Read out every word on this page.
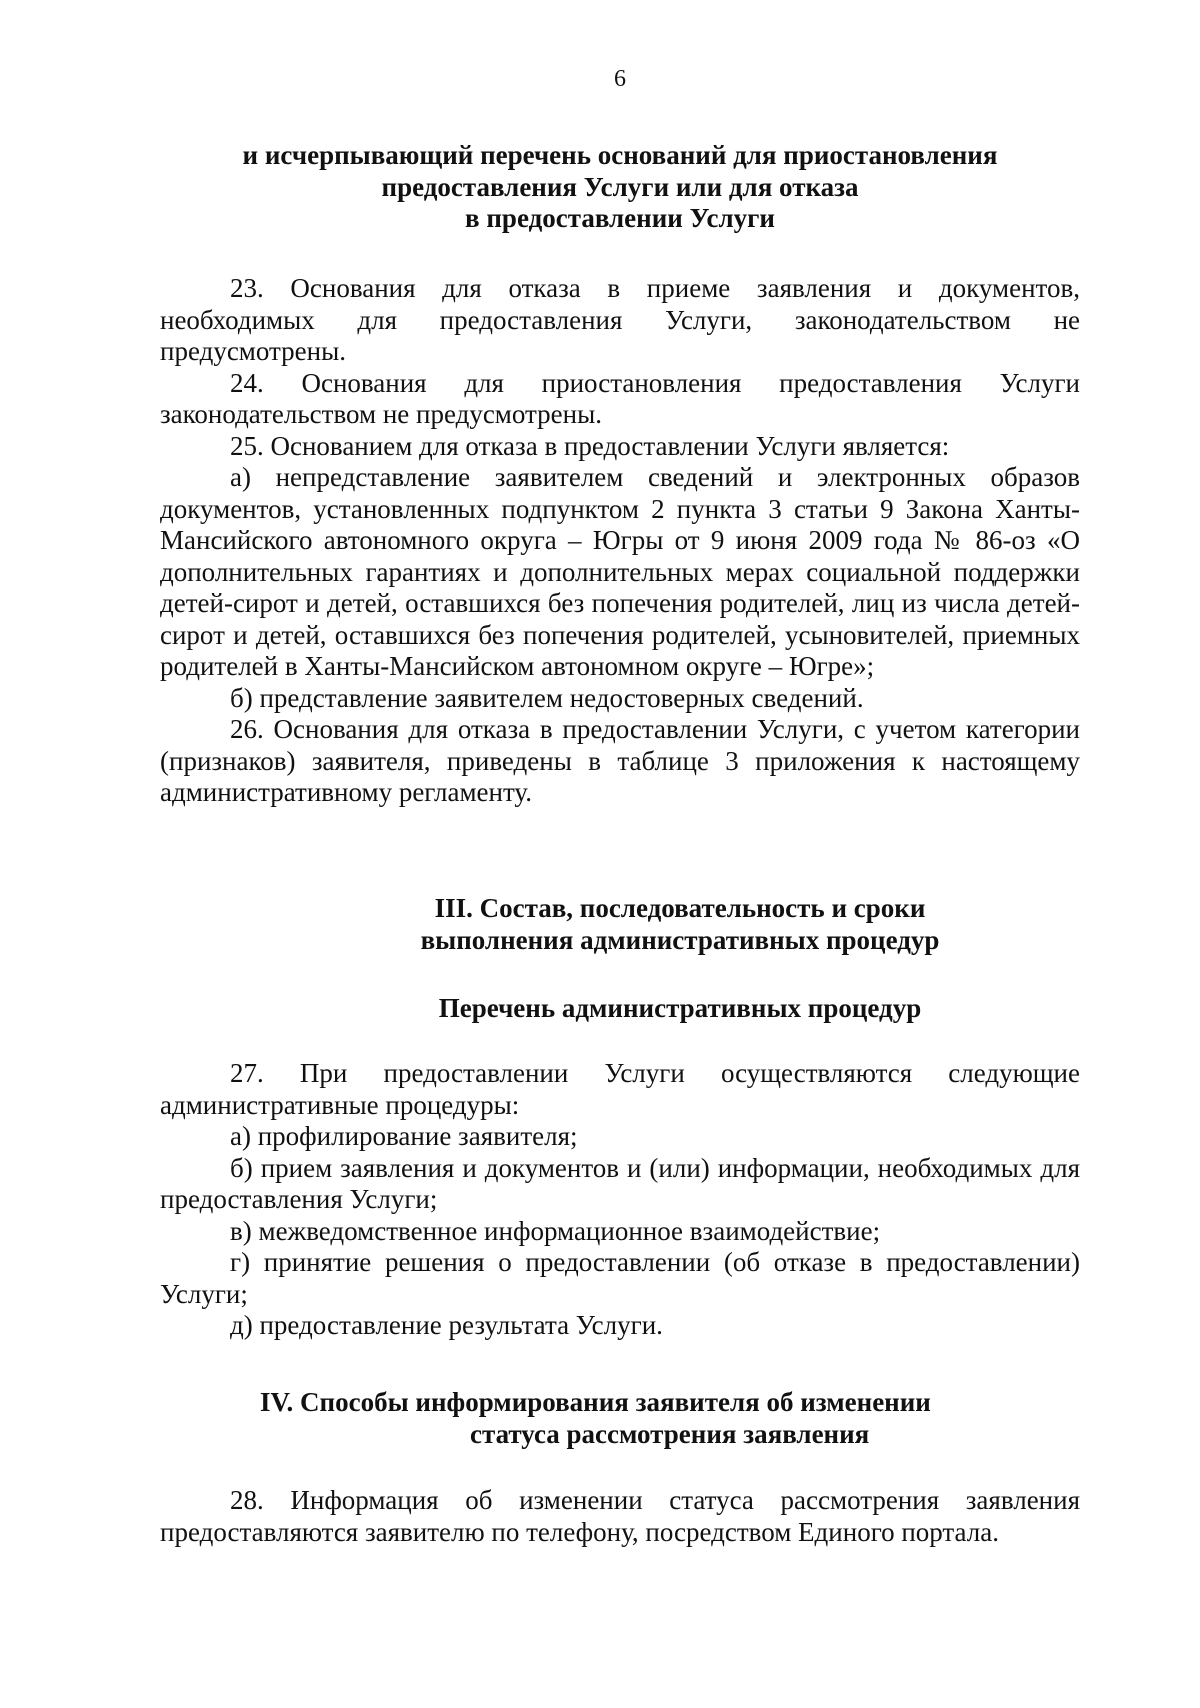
6
и исчерпывающий перечень оснований для приостановления
предоставления Услуги или для отказа
в предоставлении Услуги

23. Основания для отказа в приеме заявления и документов, необходимых для предоставления Услуги, законодательством не предусмотрены.

24. Основания для приостановления предоставления Услуги законодательством не предусмотрены.

25. Основанием для отказа в предоставлении Услуги является:

а) непредставление заявителем сведений и электронных образов документов, установленных подпунктом 2 пункта 3 статьи 9 Закона Ханты-Мансийского автономного округа – Югры от 9 июня 2009 года № 86-оз «О дополнительных гарантиях и дополнительных мерах социальной поддержки детей-сирот и детей, оставшихся без попечения родителей, лиц из числа детей-сирот и детей, оставшихся без попечения родителей, усыновителей, приемных родителей в Ханты-Мансийском автономном округе – Югре»;

б) представление заявителем недостоверных сведений.

26. Основания для отказа в предоставлении Услуги, с учетом категории (признаков) заявителя, приведены в таблице 3 приложения к настоящему административному регламенту.

III. Состав, последовательность и сроки
выполнения административных процедур
Перечень административных процедур

27. При предоставлении Услуги осуществляются следующие административные процедуры:

а) профилирование заявителя;

б) прием заявления и документов и (или) информации, необходимых для предоставления Услуги;

в) межведомственное информационное взаимодействие;

г) принятие решения о предоставлении (об отказе в предоставлении) Услуги;

д) предоставление результата Услуги.

IV. Способы информирования заявителя об изменении
статуса рассмотрения заявления

28. Информация об изменении статуса рассмотрения заявления предоставляются заявителю по телефону, посредством Единого портала.
